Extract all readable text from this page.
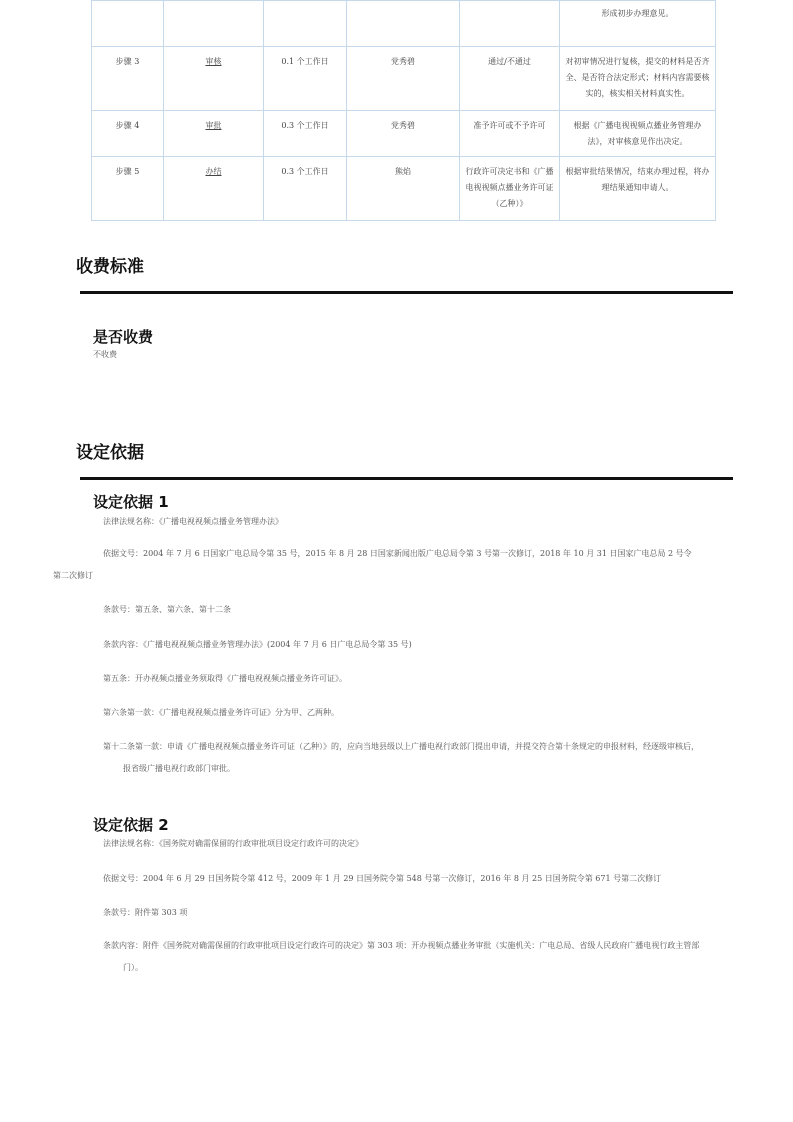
					形成初步办理意见。
步骤 3	审核	0.1 个工作日	党秀碧	通过/不通过	对初审情况进行复核，提交的材料是否齐全、是否符合法定形式；材料内容需要核实的，核实相关材料真实性。
步骤 4	审批	0.3 个工作日	党秀碧	准予许可或不予许可	根据《广播电视视频点播业务管理办法》，对审核意见作出决定。
步骤 5	办结	0.3 个工作日	熊焰	行政许可决定书和《广播电视视频点播业务许可证（乙种）》	根据审批结果情况，结束办理过程，将办理结果通知申请人。
收费标准
是否收费
不收费
设定依据
设定依据 1
法律法规名称：《广播电视视频点播业务管理办法》
依据文号：2004 年 7 月 6 日国家广电总局令第 35 号，2015 年 8 月 28 日国家新闻出版广电总局令第 3 号第一次修订，2018 年 10 月 31 日国家广电总局 2 号令第二次修订
条款号：第五条、第六条、第十二条
条款内容：《广播电视视频点播业务管理办法》(2004 年 7 月 6 日广电总局令第 35 号)
第五条：开办视频点播业务须取得《广播电视视频点播业务许可证》。
第六条第一款：《广播电视视频点播业务许可证》分为甲、乙两种。
第十二条第一款：申请《广播电视视频点播业务许可证（乙种）》的，应向当地县级以上广播电视行政部门提出申请，并提交符合第十条规定的申报材料，经逐级审核后，报省级广播电视行政部门审批。
设定依据 2
法律法规名称：《国务院对确需保留的行政审批项目设定行政许可的决定》
依据文号：2004 年 6 月 29 日国务院令第 412 号，2009 年 1 月 29 日国务院令第 548 号第一次修订，2016 年 8 月 25 日国务院令第 671 号第二次修订
条款号：附件第 303 项
条款内容：附件《国务院对确需保留的行政审批项目设定行政许可的决定》第 303 项：开办视频点播业务审批（实施机关：广电总局、省级人民政府广播电视行政主管部门）。
